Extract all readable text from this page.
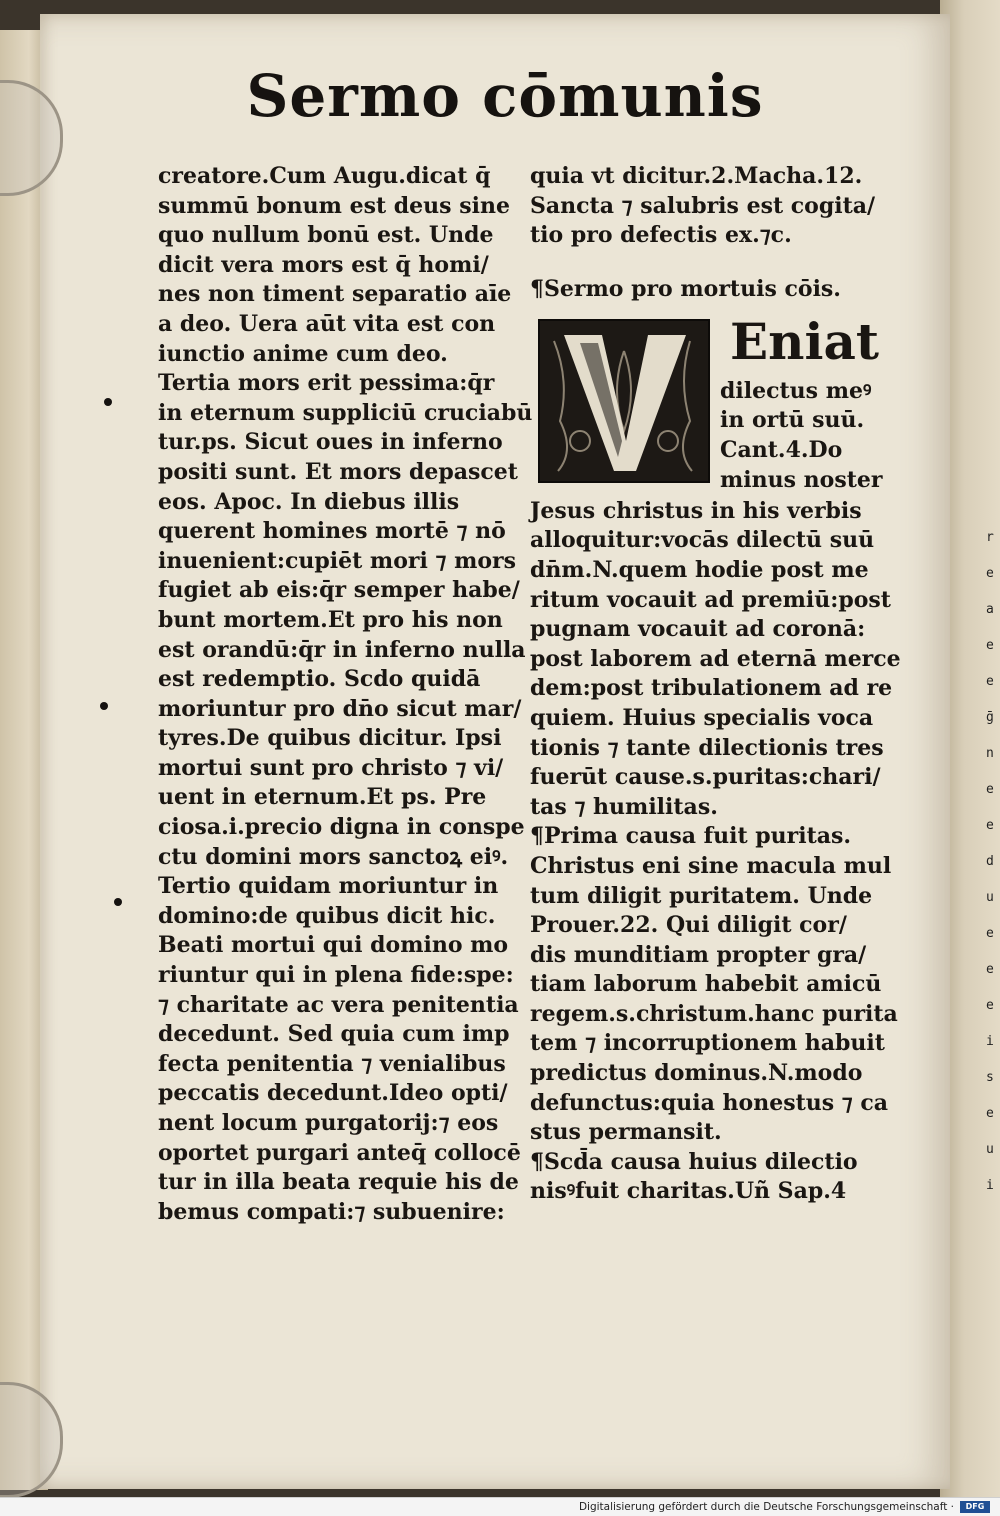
r
e
a
e
e
ḡ
n
e
e
d
u
e
e
e
i
s
e
u
i
Sermo cōmunis
creatore.Cum Augu.dicat q̄
summū bonum est deus sine
quo nullum bonū est. Unde
dicit vera mors est q̄ homi/
nes non timent separatio aīe
a deo. Uera aūt vita est con
iunctio anime cum deo.
Tertia mors erit pessima:q̄r
in eternum suppliciū cruciabū
tur.ps. Sicut oues in inferno
positi sunt. Et mors depascet
eos. Apoc. In diebus illis
querent homines mortē ⁊ nō
inuenient:cupiēt mori ⁊ mors
fugiet ab eis:q̄r semper habe/
bunt mortem.Et pro his non
est orandū:q̄r in inferno nulla
est redemptio. Scdo quidā
moriuntur pro dn̄o sicut mar/
tyres.De quibus dicitur. Ipsi
mortui sunt pro christo ⁊ vi/
uent in eternum.Et ps. Pre
ciosa.i.precio digna in conspe
ctu domini mors sanctoꝝ eiꝰ.
Tertio quidam moriuntur in
domino:de quibus dicit hic.
Beati mortui qui domino mo
riuntur qui in plena fide:spe:
⁊ charitate ac vera penitentia
decedunt. Sed quia cum imp
fecta penitentia ⁊ venialibus
peccatis decedunt.Ideo opti/
nent locum purgatorij:⁊ eos
oportet purgari anteq̄ collocē
tur in illa beata requie his de
bemus compati:⁊ subuenire:
quia vt dicitur.2.Macha.12.
Sancta ⁊ salubris est cogita/
tio pro defectis ex.⁊c.
¶Sermo pro mortuis cōis.
Eniat
dilectus meꝰ
in ortū suū.
Cant.4.Do
minus noster
Jesus christus in his verbis
alloquitur:vocās dilectū suū
dn̄m.N.quem hodie post me
ritum vocauit ad premiū:post
pugnam vocauit ad coronā:
post laborem ad eternā merce
dem:post tribulationem ad re
quiem. Huius specialis voca
tionis ⁊ tante dilectionis tres
fuerūt cause.s.puritas:chari/
tas ⁊ humilitas.
¶Prima causa fuit puritas.
Christus eni sine macula mul
tum diligit puritatem. Unde
Prouer.22. Qui diligit cor/
dis munditiam propter gra/
tiam laborum habebit amicū
regem.s.christum.hanc purita
tem ⁊ incorruptionem habuit
predictus dominus.N.modo
defunctus:quia honestus ⁊ ca
stus permansit.
¶Scd̄a causa huius dilectio
nisꝰfuit charitas.Uñ Sap.4
Digitalisierung gefördert durch die Deutsche Forschungsgemeinschaft ·	DFG
